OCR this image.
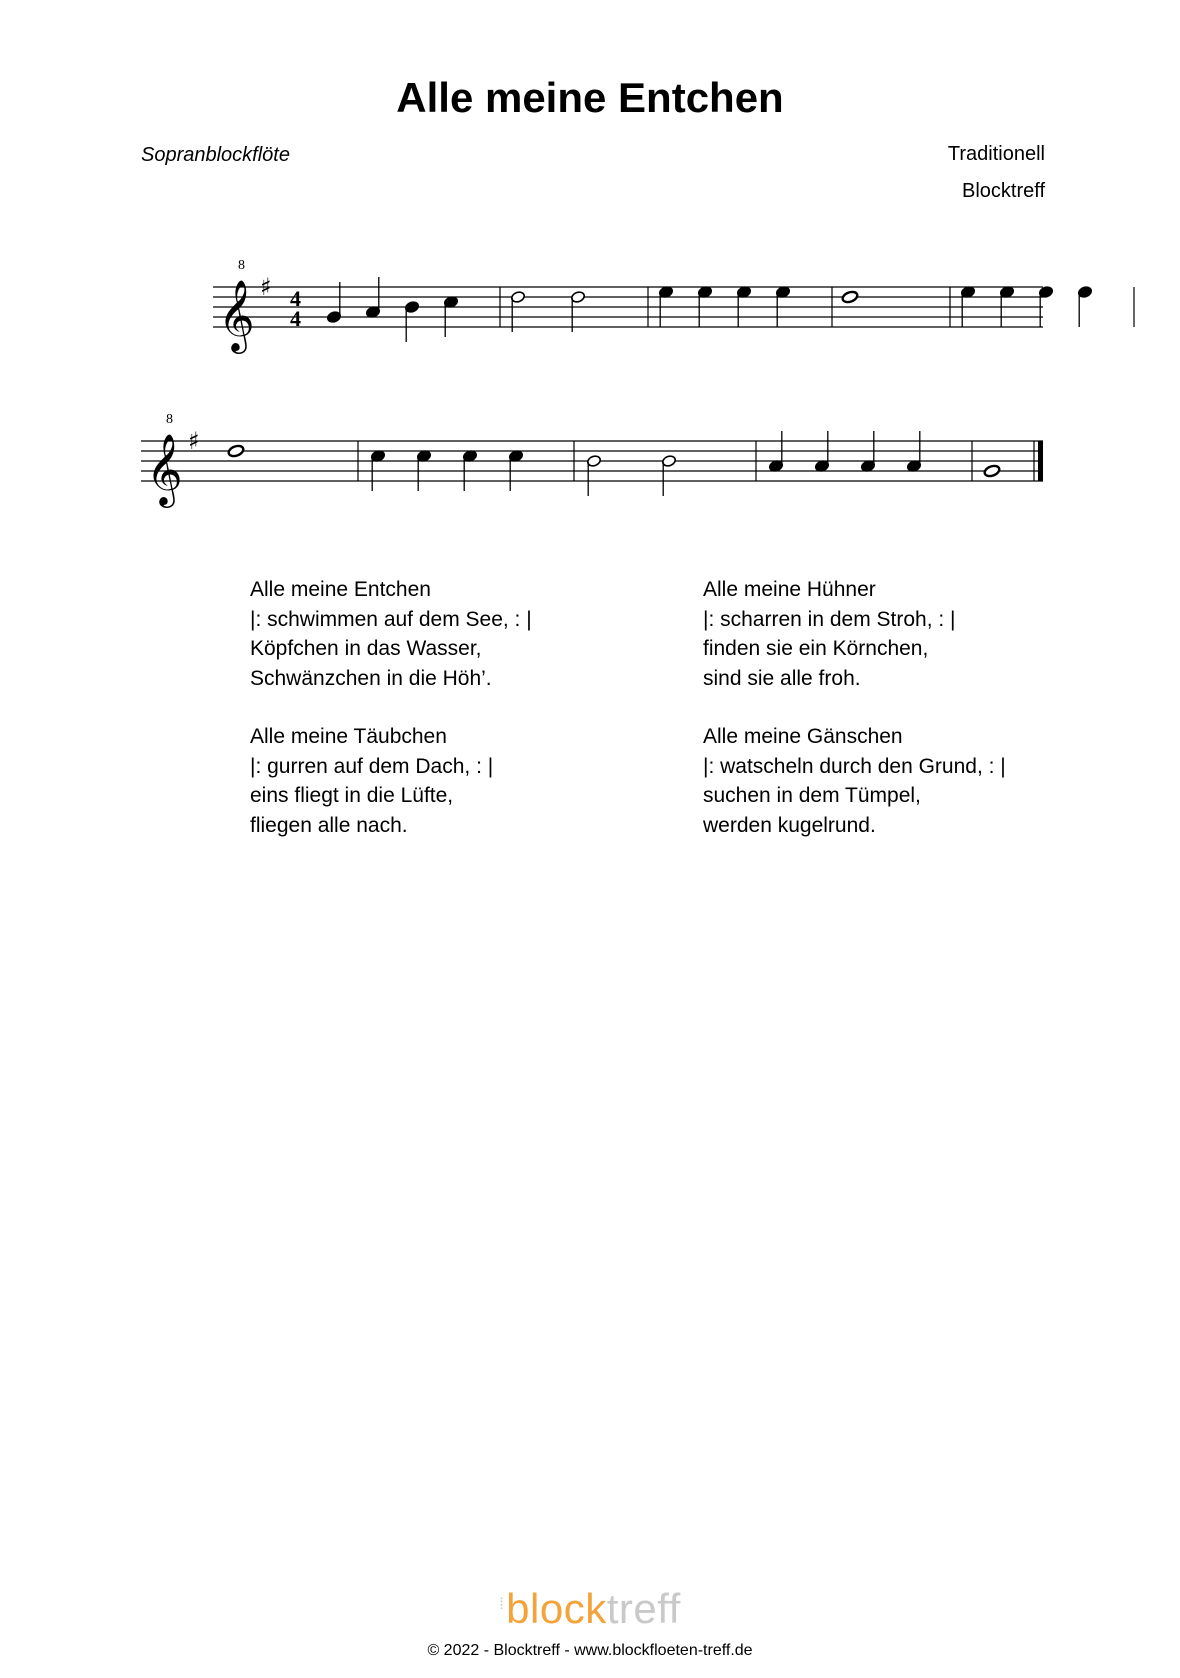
Alle meine Entchen
Sopranblockflöte	Traditionell
Blocktreff
𝄞
8
♯ 4
4
𝄞
8
♯
Alle meine Entchen
|: schwimmen auf dem See, : |
Köpfchen in das Wasser,
Schwänzchen in die Höh’.
Alle meine Hühner
|: scharren in dem Stroh, : |
finden sie ein Körnchen,
sind sie alle froh.
Alle meine Täubchen
|: gurren auf dem Dach, : |
eins fliegt in die Lüfte,
fliegen alle nach.
Alle meine Gänschen
|: watscheln durch den Grund, : |
suchen in dem Tümpel,
werden kugelrund.
⁞blocktreff
© 2022 - Blocktreff - www.blockfloeten-treff.de
